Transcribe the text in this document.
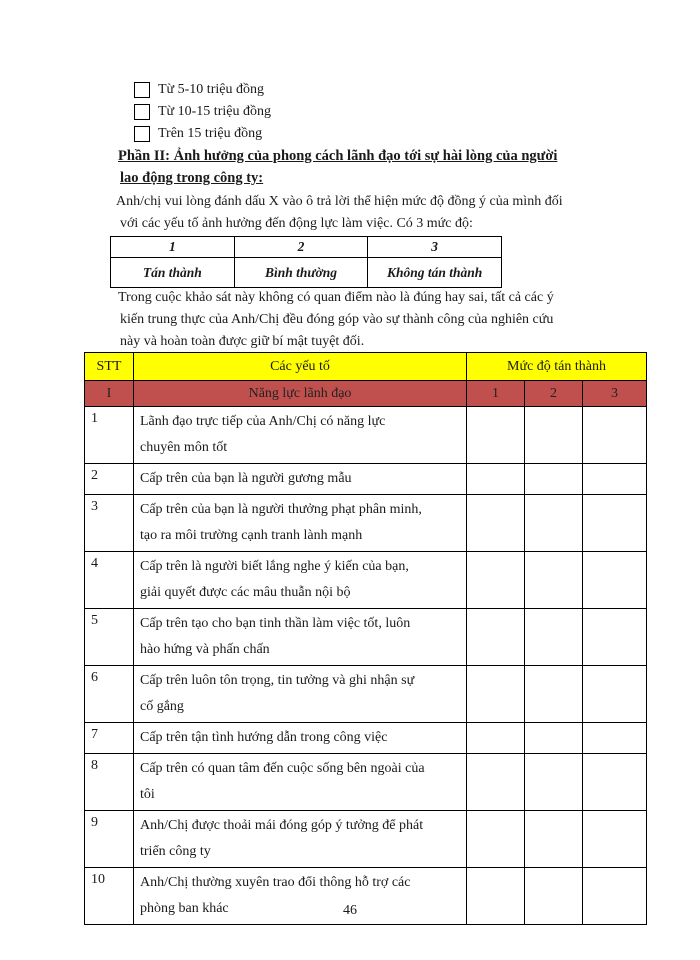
Từ 5-10 triệu đồng
Từ 10-15 triệu đồng
Trên 15 triệu đồng
Phần II: Ảnh hưởng của phong cách lãnh đạo tới sự hài lòng của người
lao động trong công ty:
Anh/chị vui lòng đánh dấu X vào ô trả lời thể hiện mức độ đồng ý của mình đối
với các yếu tố ảnh hưởng đến động lực làm việc. Có 3 mức độ:
1	2	3
Tán thành	Bình thường	Không tán thành
Trong cuộc khảo sát này không có quan điểm nào là đúng hay sai, tất cả các ý
kiến trung thực của Anh/Chị đều đóng góp vào sự thành công của nghiên cứu
này và hoàn toàn được giữ bí mật tuyệt đối.
STT	Các yếu tố	Mức độ tán thành		
I	Năng lực lãnh đạo	1	2	3
1	Lãnh đạo trực tiếp của Anh/Chị có năng lực
chuyên môn tốt			

2	Cấp trên của bạn là người gương mẫu			

3	Cấp trên của bạn là người thưởng phạt phân minh,
tạo ra môi trường cạnh tranh lành mạnh			

4	Cấp trên là người biết lắng nghe ý kiến của bạn,
giải quyết được các mâu thuẫn nội bộ			

5	Cấp trên tạo cho bạn tinh thần làm việc tốt, luôn
hào hứng và phấn chấn			

6	Cấp trên luôn tôn trọng, tin tưởng và ghi nhận sự
cố gắng			

7	Cấp trên tận tình hướng dẫn trong công việc			

8	Cấp trên có quan tâm đến cuộc sống bên ngoài của
tôi			

9	Anh/Chị được thoải mái đóng góp ý tưởng để phát
triển công ty			

10	Anh/Chị thường xuyên trao đổi thông hỗ trợ các
phòng ban khác			
				46
